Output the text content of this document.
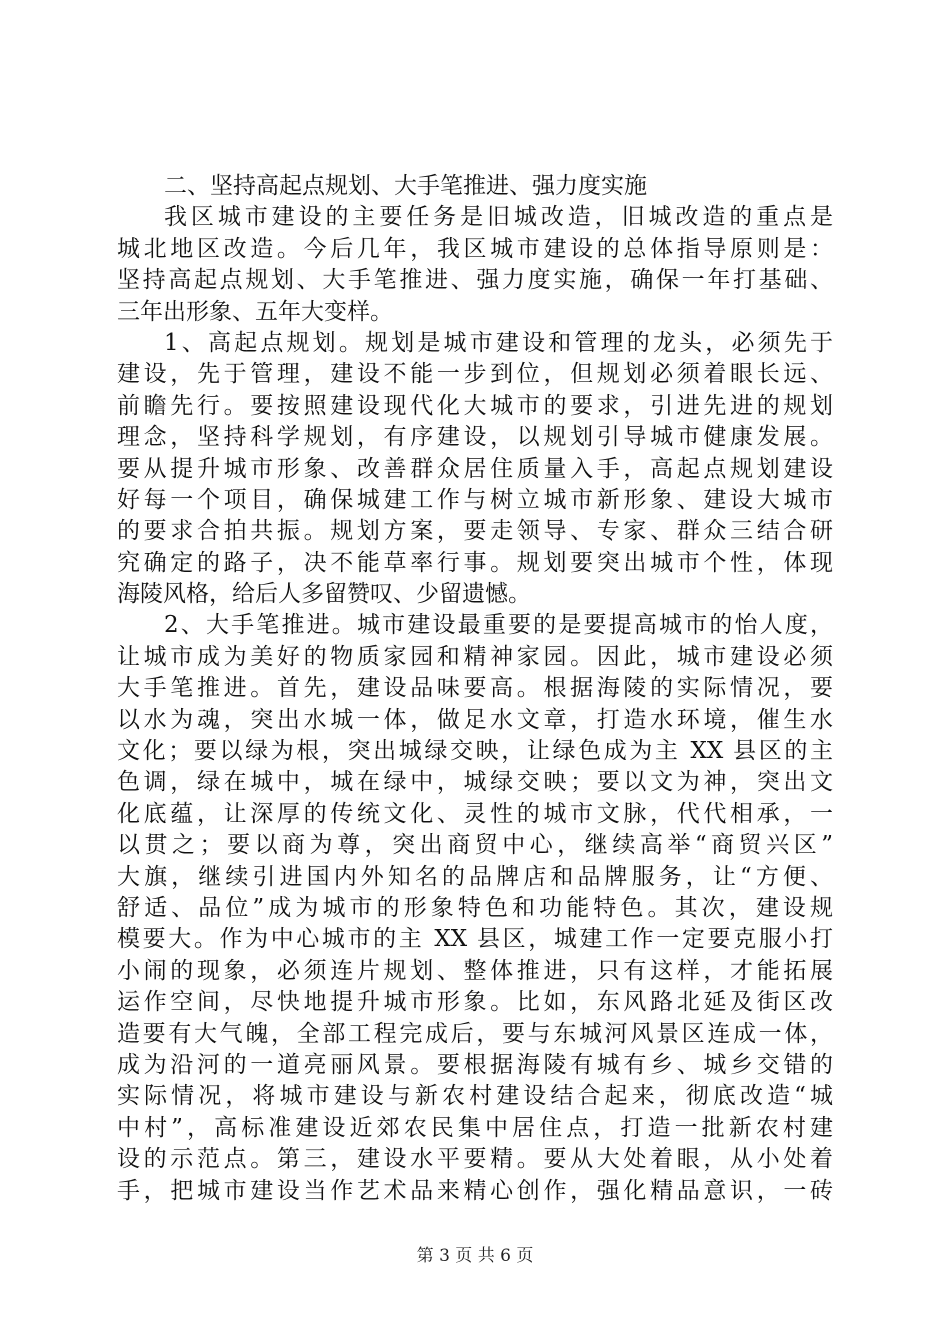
二、坚持高起点规划、大手笔推进、强力度实施
我区城市建设的主要任务是旧城改造，旧城改造的重点是
城北地区改造。今后几年，我区城市建设的总体指导原则是：
坚持高起点规划、大手笔推进、强力度实施，确保一年打基础、
三年出形象、五年大变样。
1、高起点规划。规划是城市建设和管理的龙头，必须先于
建设，先于管理，建设不能一步到位，但规划必须着眼长远、
前瞻先行。要按照建设现代化大城市的要求，引进先进的规划
理念，坚持科学规划，有序建设，以规划引导城市健康发展。
要从提升城市形象、改善群众居住质量入手，高起点规划建设
好每一个项目，确保城建工作与树立城市新形象、建设大城市
的要求合拍共振。规划方案，要走领导、专家、群众三结合研
究确定的路子，决不能草率行事。规划要突出城市个性，体现
海陵风格，给后人多留赞叹、少留遗憾。
2、大手笔推进。城市建设最重要的是要提高城市的怡人度，
让城市成为美好的物质家园和精神家园。因此，城市建设必须
大手笔推进。首先，建设品味要高。根据海陵的实际情况，要
以水为魂，突出水城一体，做足水文章，打造水环境，催生水
文化；要以绿为根，突出城绿交映，让绿色成为主 XX 县区的主
色调，绿在城中，城在绿中，城绿交映；要以文为神，突出文
化底蕴，让深厚的传统文化、灵性的城市文脉，代代相承，一
以贯之；要以商为尊，突出商贸中心，继续高举“商贸兴区”
大旗，继续引进国内外知名的品牌店和品牌服务，让“方便、
舒适、品位”成为城市的形象特色和功能特色。其次，建设规
模要大。作为中心城市的主 XX 县区，城建工作一定要克服小打
小闹的现象，必须连片规划、整体推进，只有这样，才能拓展
运作空间，尽快地提升城市形象。比如，东风路北延及街区改
造要有大气魄，全部工程完成后，要与东城河风景区连成一体，
成为沿河的一道亮丽风景。要根据海陵有城有乡、城乡交错的
实际情况，将城市建设与新农村建设结合起来，彻底改造“城
中村”，高标准建设近郊农民集中居住点，打造一批新农村建
设的示范点。第三，建设水平要精。要从大处着眼，从小处着
手，把城市建设当作艺术品来精心创作，强化精品意识，一砖
第 3 页 共 6 页
